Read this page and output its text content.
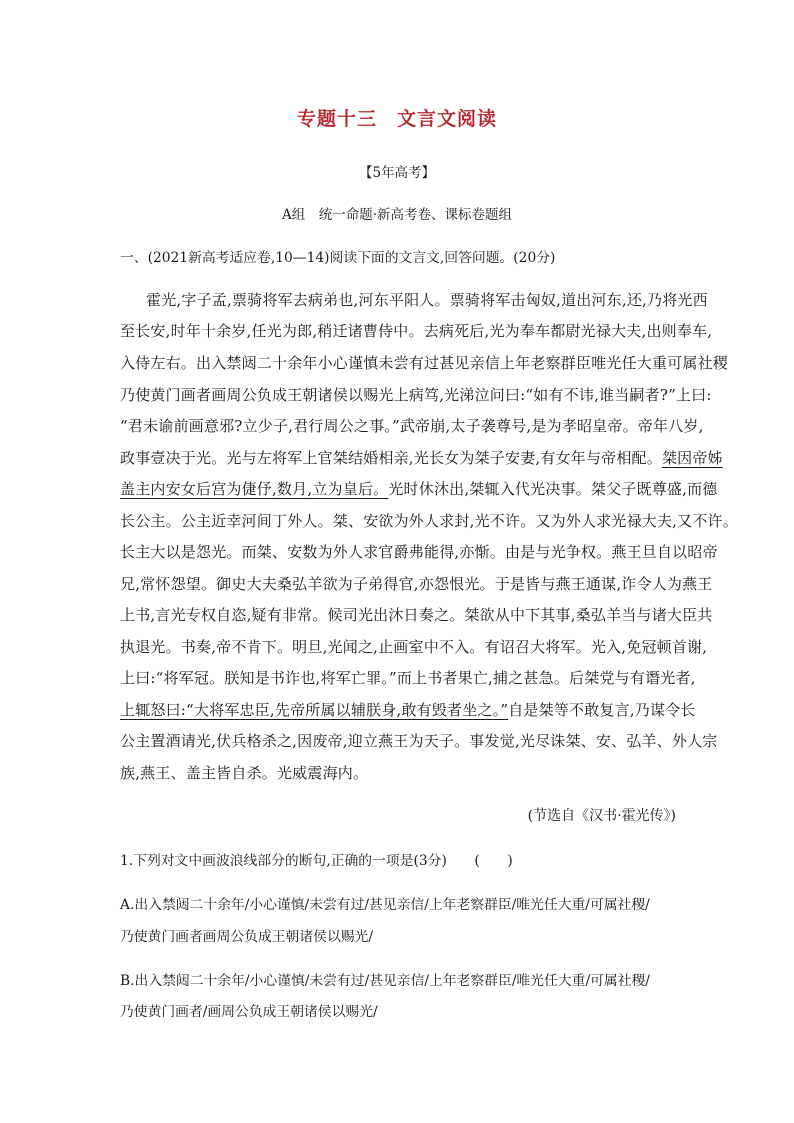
专题十三　文言文阅读
【5年高考】
A组　统一命题·新高考卷、课标卷题组
一、(2021新高考适应卷,10—14)阅读下面的文言文,回答问题。(20分)
霍光,字子孟,票骑将军去病弟也,河东平阳人。票骑将军击匈奴,道出河东,还,乃将光西
至长安,时年十余岁,任光为郎,稍迁诸曹侍中。去病死后,光为奉车都尉光禄大夫,出则奉车,
入侍左右。出入禁闼二十余年小心谨慎未尝有过甚见亲信上年老察群臣唯光任大重可属社稷
乃使黄门画者画周公负成王朝诸侯以赐光上病笃,光涕泣问曰:“如有不讳,谁当嗣者?”上曰:
“君未谕前画意邪?立少子,君行周公之事。”武帝崩,太子袭尊号,是为孝昭皇帝。帝年八岁,
政事壹决于光。光与左将军上官桀结婚相亲,光长女为桀子安妻,有女年与帝相配。桀因帝姊
盖主内安女后宫为倢伃,数月,立为皇后。光时休沐出,桀辄入代光决事。桀父子既尊盛,而德
长公主。公主近幸河间丁外人。桀、安欲为外人求封,光不许。又为外人求光禄大夫,又不许。
长主大以是怨光。而桀、安数为外人求官爵弗能得,亦惭。由是与光争权。燕王旦自以昭帝
兄,常怀怨望。御史大夫桑弘羊欲为子弟得官,亦怨恨光。于是皆与燕王通谋,诈令人为燕王
上书,言光专权自恣,疑有非常。候司光出沐日奏之。桀欲从中下其事,桑弘羊当与诸大臣共
执退光。书奏,帝不肯下。明旦,光闻之,止画室中不入。有诏召大将军。光入,免冠顿首谢,
上曰:“将军冠。朕知是书诈也,将军亡罪。”而上书者果亡,捕之甚急。后桀党与有谮光者,
上辄怒曰:“大将军忠臣,先帝所属以辅朕身,敢有毁者坐之。”自是桀等不敢复言,乃谋令长
公主置酒请光,伏兵格杀之,因废帝,迎立燕王为天子。事发觉,光尽诛桀、安、弘羊、外人宗
族,燕王、盖主皆自杀。光威震海内。
(节选自《汉书·霍光传》)
1.下列对文中画波浪线部分的断句,正确的一项是(3分)　　(　　)
A.出入禁闼二十余年/小心谨慎/未尝有过/甚见亲信/上年老察群臣/唯光任大重/可属社稷/
乃使黄门画者画周公负成王朝诸侯以赐光/
B.出入禁闼二十余年/小心谨慎/未尝有过/甚见亲信/上年老察群臣/唯光任大重/可属社稷/
乃使黄门画者/画周公负成王朝诸侯以赐光/
